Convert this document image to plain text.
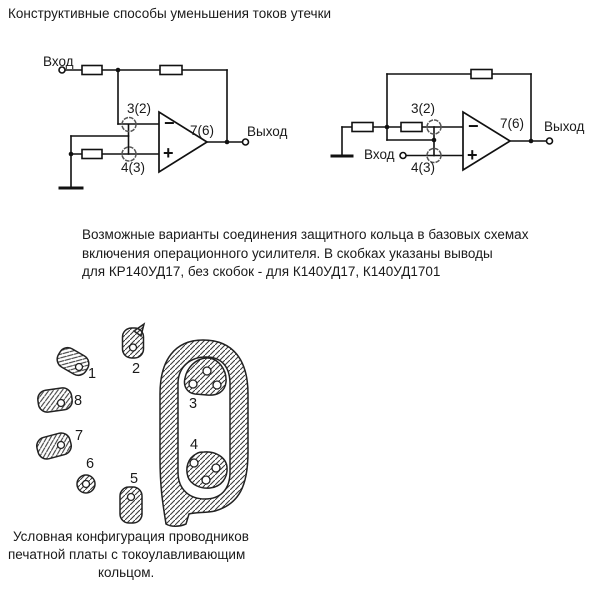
Конструктивные способы уменьшения токов утечки
Вход
3(2)
4(3)
7(6) Выход
−
+	Вход
3(2)
4(3)
7(6) Выход
−
+
Возможные варианты соединения защитного кольца в базовых схемах
включения операционного усилителя. В скобках указаны выводы
для КР140УД17, без скобок - для К140УД17, К140УД1701
1 2
3
4
5
6
7
8
Условная конфигурация проводников
печатной платы с токоулавливающим
кольцом.
